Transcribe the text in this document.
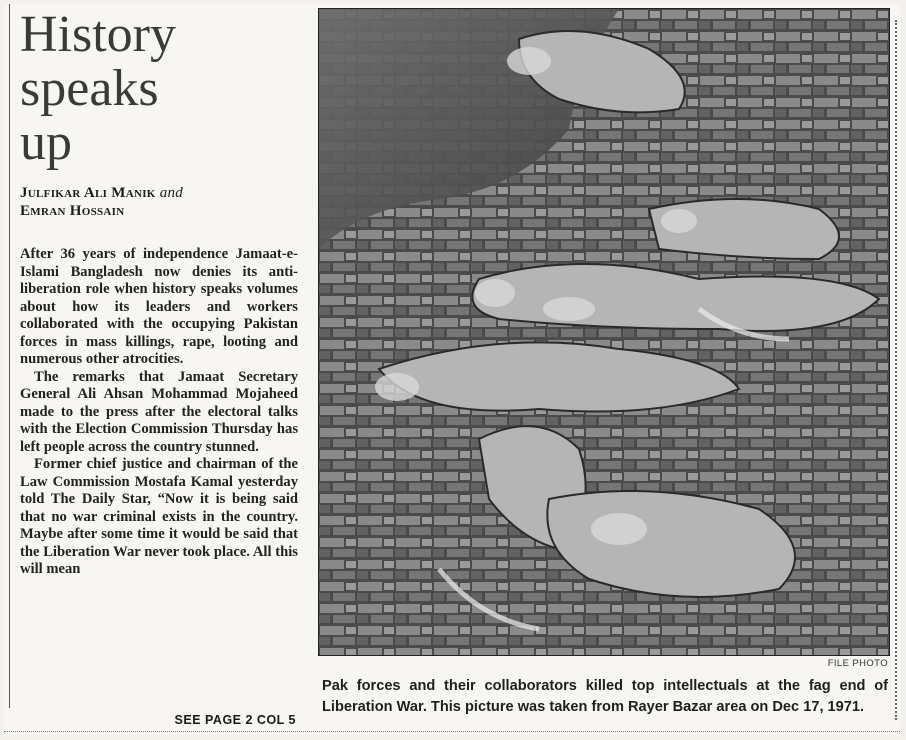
History
speaks
up
Julfikar Ali Manik and
Emran Hossain

After 36 years of independence Jamaat-e-Islami Bangladesh now denies its anti-liberation role when history speaks volumes about how its leaders and workers collaborated with the occupying Pakistan forces in mass killings, rape, looting and numerous other atrocities.

The remarks that Jamaat Secretary General Ali Ahsan Mohammad Mojaheed made to the press after the electoral talks with the Election Commission Thursday has left people across the country stunned.

Former chief justice and chairman of the Law Commission Mostafa Kamal yesterday told The Daily Star, “Now it is being said that no war criminal exists in the country. Maybe after some time it would be said that the Liberation War never took place. All this will mean

SEE PAGE 2 COL 5
FILE PHOTO
Pak forces and their collaborators killed top intellectuals at the fag end of Liberation War. This picture was taken from Rayer Bazar area on Dec 17, 1971.
